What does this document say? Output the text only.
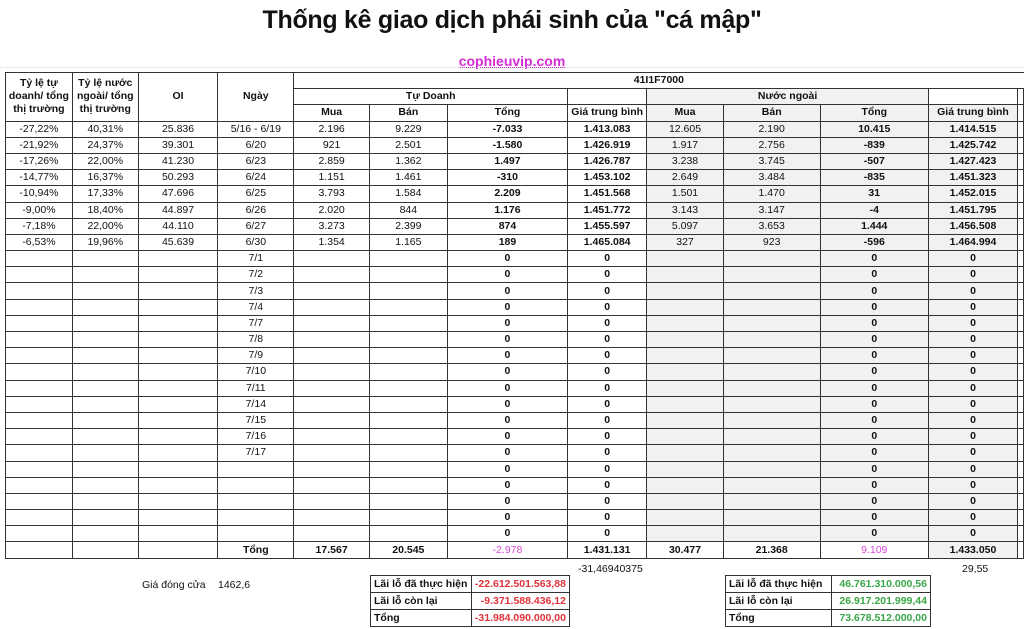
Thống kê giao dịch phái sinh của "cá mập"
cophieuvip.com
Tỷ lệ tự doanh/ tổng thị trường	Tỷ lệ nước ngoài/ tổng thị trường	OI	Ngày	41I1F7000								
				Tự Doanh				Nước ngoài				
				Mua	Bán	Tổng	Giá trung bình	Mua	Bán	Tổng	Giá trung bình	
-27,22%	40,31%	25.836	5/16 - 6/19	2.196	9.229	-7.033	1.413.083	12.605	2.190	10.415	1.414.515	
-21,92%	24,37%	39.301	6/20	921	2.501	-1.580	1.426.919	1.917	2.756	-839	1.425.742	
-17,26%	22,00%	41.230	6/23	2.859	1.362	1.497	1.426.787	3.238	3.745	-507	1.427.423	
-14,77%	16,37%	50.293	6/24	1.151	1.461	-310	1.453.102	2.649	3.484	-835	1.451.323	
-10,94%	17,33%	47.696	6/25	3.793	1.584	2.209	1.451.568	1.501	1.470	31	1.452.015	
-9,00%	18,40%	44.897	6/26	2.020	844	1.176	1.451.772	3.143	3.147	-4	1.451.795	
-7,18%	22,00%	44.110	6/27	3.273	2.399	874	1.455.597	5.097	3.653	1.444	1.456.508	
-6,53%	19,96%	45.639	6/30	1.354	1.165	189	1.465.084	327	923	-596	1.464.994	
			7/1			0	0			0	0	
			7/2			0	0			0	0	
			7/3			0	0			0	0	
			7/4			0	0			0	0	
			7/7			0	0			0	0	
			7/8			0	0			0	0	
			7/9			0	0			0	0	
			7/10			0	0			0	0	
			7/11			0	0			0	0	
			7/14			0	0			0	0	
			7/15			0	0			0	0	
			7/16			0	0			0	0	
			7/17			0	0			0	0	
						0	0			0	0	
						0	0			0	0	
						0	0			0	0	
						0	0			0	0	
						0	0			0	0	
			Tổng	17.567	20.545	-2.978	1.431.131	30.477	21.368	9.109	1.433.050	
-31,46940375	29,55
Giá đóng cửa 1462,6	Lãi lỗ đã thực hiện	-22.612.501.563,88
Lãi lỗ còn lại	-9.371.588.436,12
Tổng	-31.984.090.000,00
Lãi lỗ đã thực hiện	46.761.310.000,56
Lãi lỗ còn lại	26.917.201.999,44
Tổng	73.678.512.000,00
